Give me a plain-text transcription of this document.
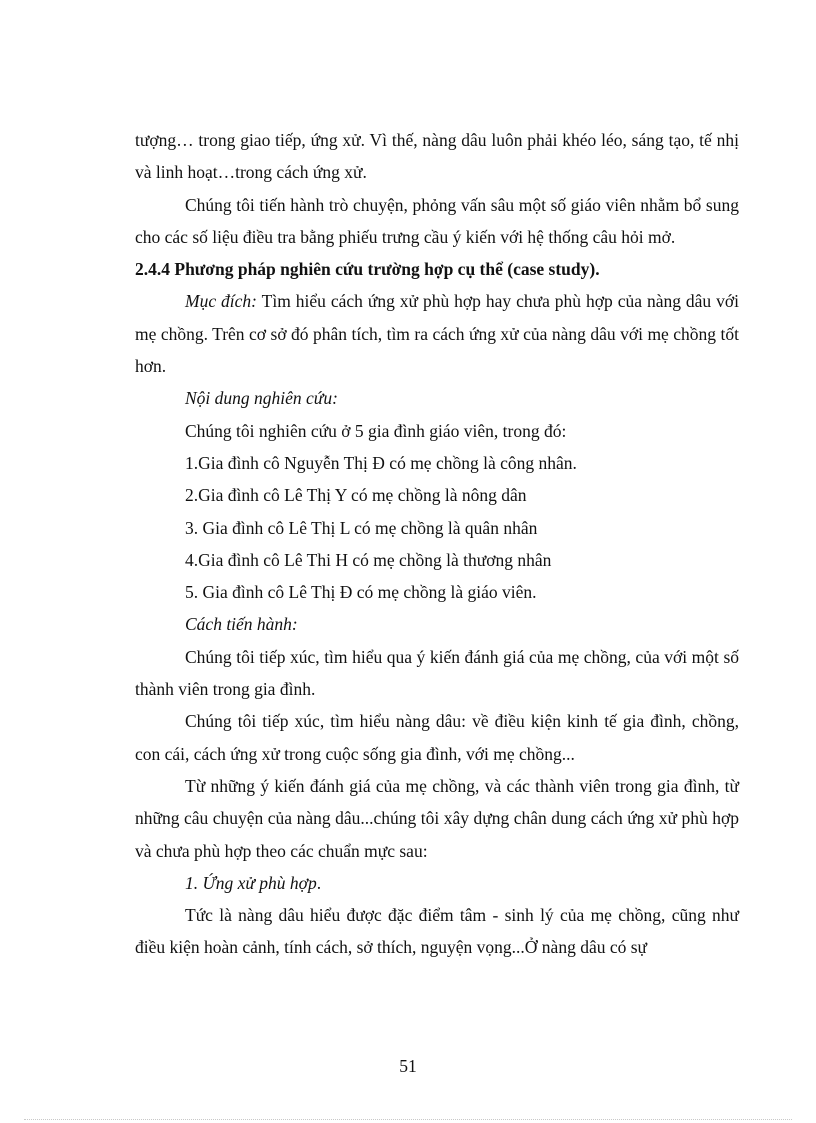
tượng… trong giao tiếp, ứng xử. Vì thế, nàng dâu luôn phải khéo léo, sáng tạo, tế nhị và linh hoạt…trong cách ứng xử.

Chúng tôi tiến hành trò chuyện, phỏng vấn sâu một số giáo viên nhằm bổ sung cho các số liệu điều tra bằng phiếu trưng cầu ý kiến với hệ thống câu hỏi mở.

2.4.4 Phương pháp nghiên cứu trường hợp cụ thể (case study).

Mục đích: Tìm hiểu cách ứng xử phù hợp hay chưa phù hợp của nàng dâu với mẹ chồng. Trên cơ sở đó phân tích, tìm ra cách ứng xử của nàng dâu với mẹ chồng tốt hơn.

Nội dung nghiên cứu:

Chúng tôi nghiên cứu ở 5 gia đình giáo viên, trong đó:

1.Gia đình cô Nguyễn Thị Đ có mẹ chồng là công nhân.

2.Gia đình cô Lê Thị Y có mẹ chồng là nông dân

3. Gia đình cô Lê Thị L có mẹ chồng là quân nhân

4.Gia đình cô Lê Thi H có mẹ chồng là thương nhân

5. Gia đình cô Lê Thị Đ có mẹ chồng là giáo viên.

Cách tiến hành:

Chúng tôi tiếp xúc, tìm hiểu qua ý kiến đánh giá của mẹ chồng, của với một số thành viên trong gia đình.

Chúng tôi tiếp xúc, tìm hiểu nàng dâu: về điều kiện kinh tế gia đình, chồng, con cái, cách ứng xử trong cuộc sống gia đình, với mẹ chồng...

Từ những ý kiến đánh giá của mẹ chồng, và các thành viên trong gia đình, từ những câu chuyện của nàng dâu...chúng tôi xây dựng chân dung cách ứng xử phù hợp và chưa phù hợp theo các chuẩn mực sau:

1. Ứng xử phù hợp.

Tức là nàng dâu hiểu được đặc điểm tâm - sinh lý của mẹ chồng, cũng như điều kiện hoàn cảnh, tính cách, sở thích, nguyện vọng...Ở nàng dâu có sự

51
